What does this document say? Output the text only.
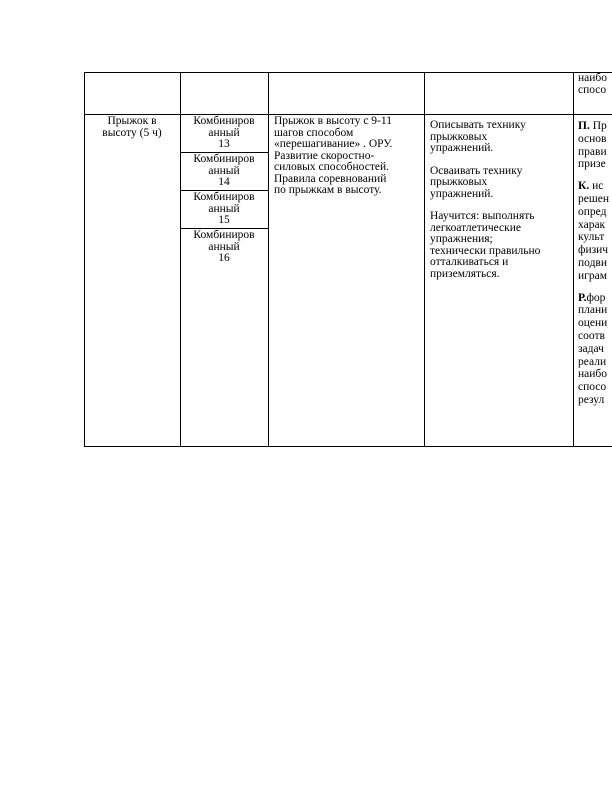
наибо
спосо
Прыжок в
высоту (5 ч)
Комбиниров
анный
13
Комбиниров
анный
14
Комбиниров
анный
15
Комбиниров
анный
16
Прыжок в высоту с 9-11
шагов способом
«перешагивание» . ОРУ.
Развитие скоростно-
силовых способностей.
Правила соревнований
по прыжкам в высоту.
Описывать технику
прыжковых
упражнений.
Осваивать технику
прыжковых
упражнений.
Научится: выполнять
легкоатлетические
упражнения;
технически правильно
отталкиваться и
приземляться.
П. Пр
основ
прави
призе
К. ис
решен
опред
харак
культ
физич
подви
играм
Р.фор
плани
оцени
соотв
задач
реали
наибо
спосо
резул
